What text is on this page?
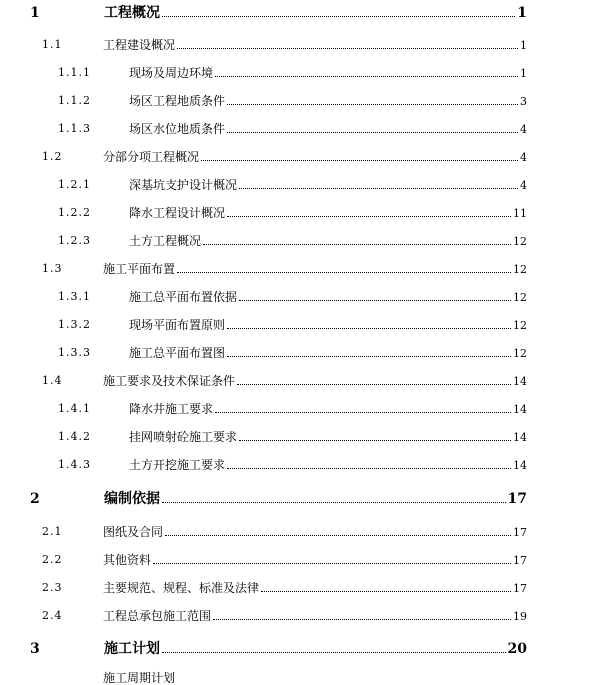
1	工程概况	1
1.1	工程建设概况	1
1.1.1	现场及周边环境	1
1.1.2	场区工程地质条件	3
1.1.3	场区水位地质条件	4
1.2	分部分项工程概况	4
1.2.1	深基坑支护设计概况	4
1.2.2	降水工程设计概况	11
1.2.3	土方工程概况	12
1.3	施工平面布置	12
1.3.1	施工总平面布置依据	12
1.3.2	现场平面布置原则	12
1.3.3	施工总平面布置图	12
1.4	施工要求及技术保证条件	14
1.4.1	降水井施工要求	14
1.4.2	挂网喷射砼施工要求	14
1.4.3	土方开挖施工要求	14
2	编制依据	17
2.1	图纸及合同	17
2.2	其他资料	17
2.3	主要规范、规程、标准及法律	17
2.4	工程总承包施工范围	19
3	施工计划	20
施工周期计划
